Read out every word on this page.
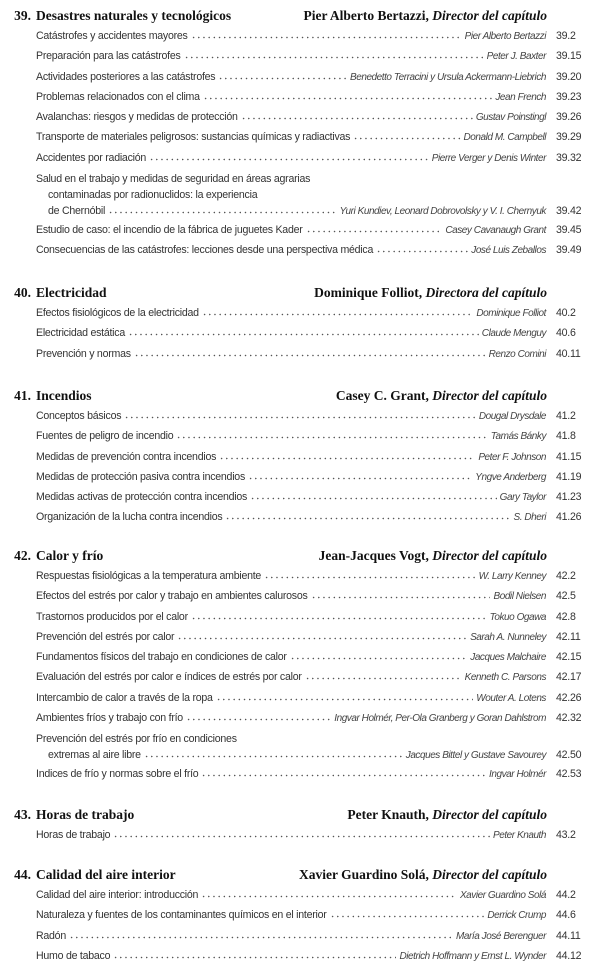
39. Desastres naturales y tecnológicos	Pier Alberto Bertazzi, Director del capítulo
Catástrofes y accidentes mayores	Pier Alberto Bertazzi 39.2
Preparación para las catástrofes	Peter J. Baxter 39.15
Actividades posteriores a las catástrofes	Benedetto Terracini y Ursula Ackermann-Liebrich 39.20
Problemas relacionados con el clima	Jean French 39.23
Avalanchas: riesgos y medidas de protección	Gustav Poinstingl 39.26
Transporte de materiales peligrosos: sustancias químicas y radiactivas	Donald M. Campbell 39.29
Accidentes por radiación	Pierre Verger y Denis Winter 39.32
Salud en el trabajo y medidas de seguridad en áreas agrarias
contaminadas por radionuclidos: la experiencia
de Chernóbil	Yuri Kundiev, Leonard Dobrovolsky y V. I. Chernyuk 39.42
Estudio de caso: el incendio de la fábrica de juguetes Kader	Casey Cavanaugh Grant 39.45
Consecuencias de las catástrofes: lecciones desde una perspectiva médica	José Luis Zeballos 39.49
40. Electricidad	Dominique Folliot, Directora del capítulo
Efectos fisiológicos de la electricidad	Dominique Folliot 40.2
Electricidad estática	Claude Menguy 40.6
Prevención y normas	Renzo Comini 40.11
41. Incendios	Casey C. Grant, Director del capítulo
Conceptos básicos	Dougal Drysdale 41.2
Fuentes de peligro de incendio	Tamás Bánky 41.8
Medidas de prevención contra incendios	Peter F. Johnson 41.15
Medidas de protección pasiva contra incendios	Yngve Anderberg 41.19
Medidas activas de protección contra incendios	Gary Taylor 41.23
Organización de la lucha contra incendios	S. Dheri 41.26
42. Calor y frío	Jean-Jacques Vogt, Director del capítulo
Respuestas fisiológicas a la temperatura ambiente	W. Larry Kenney 42.2
Efectos del estrés por calor y trabajo en ambientes calurosos	Bodil Nielsen 42.5
Trastornos producidos por el calor	Tokuo Ogawa 42.8
Prevención del estrés por calor	Sarah A. Nunneley 42.11
Fundamentos físicos del trabajo en condiciones de calor	Jacques Malchaire 42.15
Evaluación del estrés por calor e índices de estrés por calor	Kenneth C. Parsons 42.17
Intercambio de calor a través de la ropa	Wouter A. Lotens 42.26
Ambientes fríos y trabajo con frío	Ingvar Holmér, Per-Ola Granberg y Goran Dahlstrom 42.32
Prevención del estrés por frío en condiciones
extremas al aire libre	Jacques Bittel y Gustave Savourey 42.50
Indices de frío y normas sobre el frío	Ingvar Holmér 42.53
43. Horas de trabajo	Peter Knauth, Director del capítulo
Horas de trabajo	Peter Knauth 43.2
44. Calidad del aire interior	Xavier Guardino Solá, Director del capítulo
Calidad del aire interior: introducción	Xavier Guardino Solá 44.2
Naturaleza y fuentes de los contaminantes químicos en el interior	Derrick Crump 44.6
Radón	María José Berenguer 44.11
Humo de tabaco	Dietrich Hoffmann y Ernst L. Wynder 44.12
